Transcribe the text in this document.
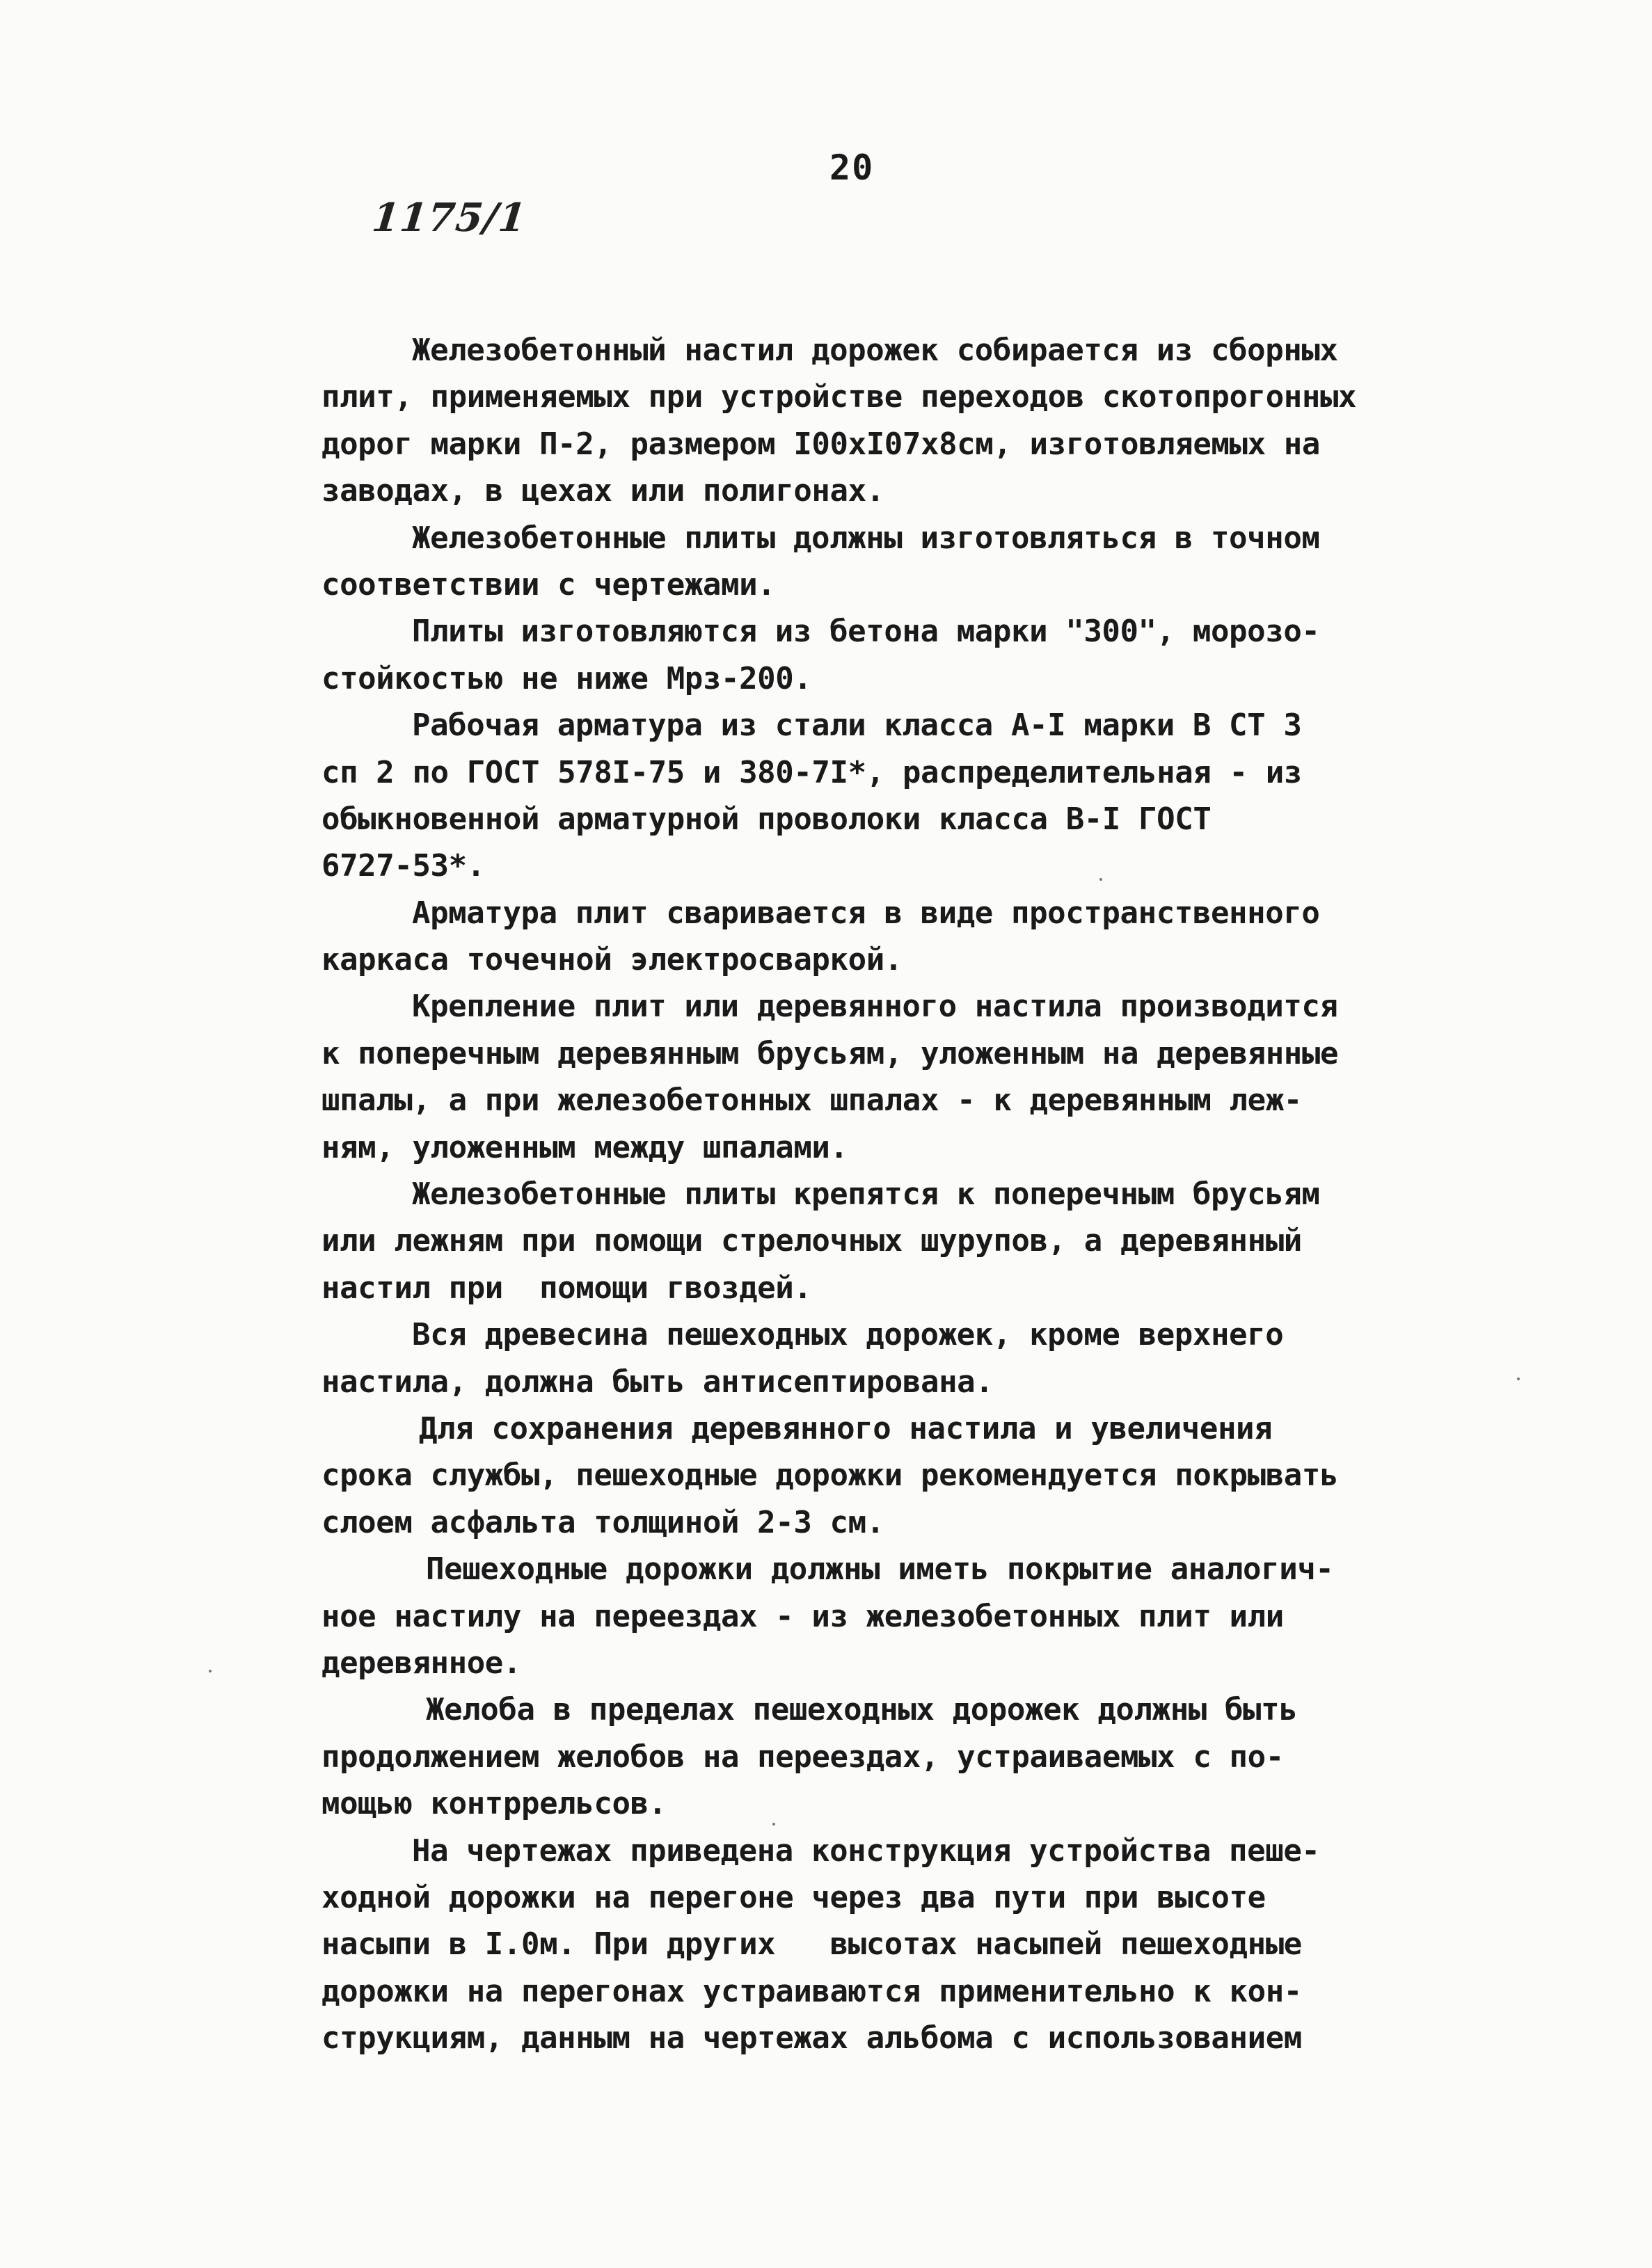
20
1175/1
Железобетонный настил дорожек собирается из сборных
плит, применяемых при устройстве переходов скотопрогонных
дорог марки П-2, размером I00xI07x8см, изготовляемых на
заводах, в цехах или полигонах.
Железобетонные плиты должны изготовляться в точном
соответствии с чертежами.
Плиты изготовляются из бетона марки "300", морозо-
стойкостью не ниже Мрз-200.
Рабочая арматура из стали класса А-I марки В СТ 3
сп 2 по ГОСТ 578I-75 и 380-7I*, распределительная - из
обыкновенной арматурной проволоки класса В-I ГОСТ
6727-53*.
Арматура плит сваривается в виде пространственного
каркаса точечной электросваркой.
Крепление плит или деревянного настила производится
к поперечным деревянным брусьям, уложенным на деревянные
шпалы, а при железобетонных шпалах - к деревянным леж-
ням, уложенным между шпалами.
Железобетонные плиты крепятся к поперечным брусьям
или лежням при помощи стрелочных шурупов, а деревянный
настил при  помощи гвоздей.
Вся древесина пешеходных дорожек, кроме верхнего
настила, должна быть антисептирована.
Для сохранения деревянного настила и увеличения
срока службы, пешеходные дорожки рекомендуется покрывать
слоем асфальта толщиной 2-3 см.
Пешеходные дорожки должны иметь покрытие аналогич-
ное настилу на переездах - из железобетонных плит или
деревянное.
Желоба в пределах пешеходных дорожек должны быть
продолжением желобов на переездах, устраиваемых с по-
мощью контррельсов.
На чертежах приведена конструкция устройства пеше-
ходной дорожки на перегоне через два пути при высоте
насыпи в I.0м. При других   высотах насыпей пешеходные
дорожки на перегонах устраиваются применительно к кон-
струкциям, данным на чертежах альбома с использованием
